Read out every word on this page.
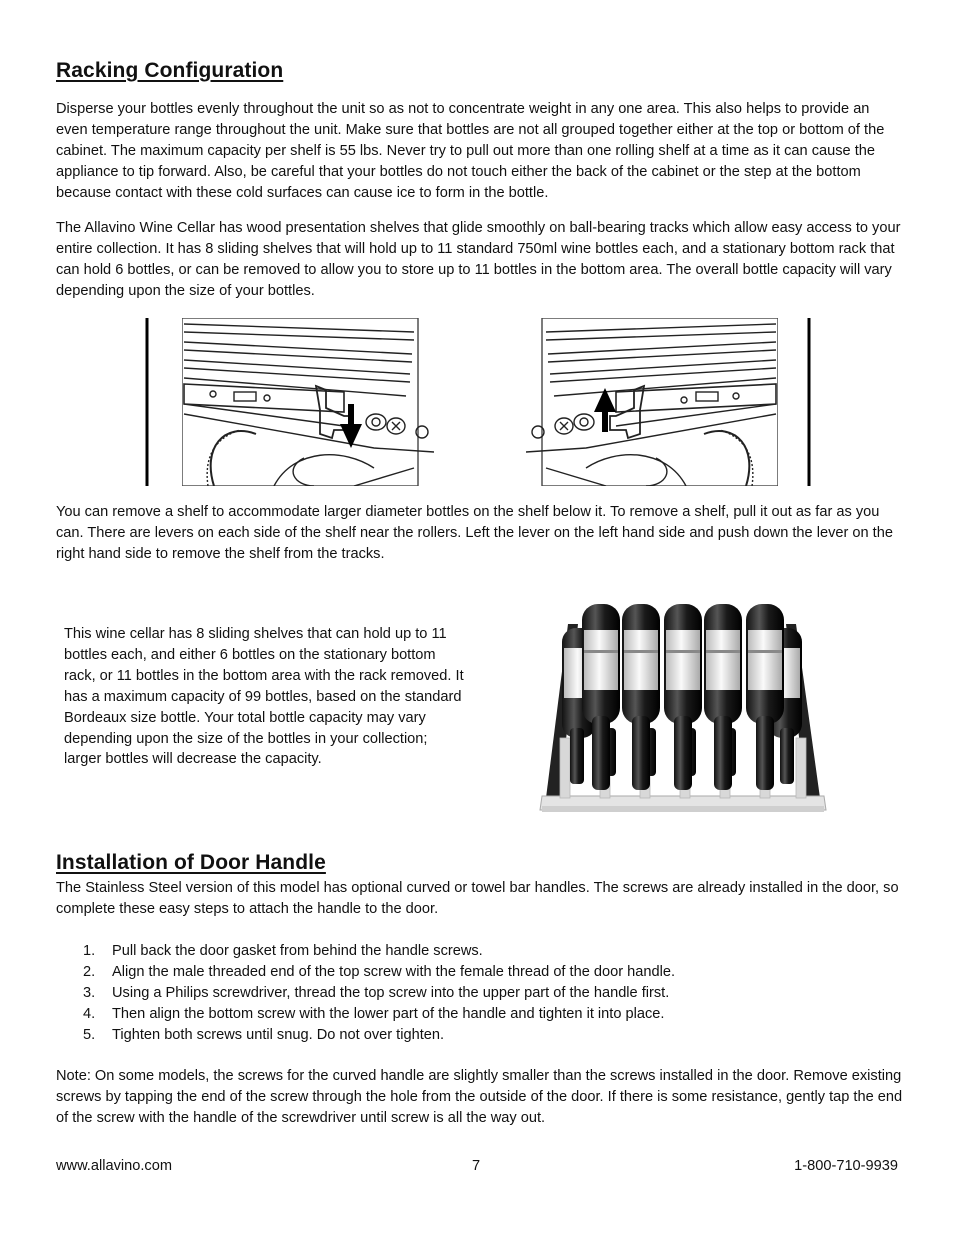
Racking Configuration

Disperse your bottles evenly throughout the unit so as not to concentrate weight in any one area. This also helps to provide an even temperature range throughout the unit. Make sure that bottles are not all grouped together either at the top or bottom of the cabinet. The maximum capacity per shelf is 55 lbs. Never try to pull out more than one rolling shelf at a time as it can cause the appliance to tip forward. Also, be careful that your bottles do not touch either the back of the cabinet or the step at the bottom because contact with these cold surfaces can cause ice to form in the bottle.

The Allavino Wine Cellar has wood presentation shelves that glide smoothly on ball-bearing tracks which allow easy access to your entire collection. It has 8 sliding shelves that will hold up to 11 standard 750ml wine bottles each, and a stationary bottom rack that can hold 6 bottles, or can be removed to allow you to store up to 11 bottles in the bottom area. The overall bottle capacity will vary depending upon the size of your bottles.

You can remove a shelf to accommodate larger diameter bottles on the shelf below it. To remove a shelf, pull it out as far as you can. There are levers on each side of the shelf near the rollers. Left the lever on the left hand side and push down the lever on the right hand side to remove the shelf from the tracks.

This wine cellar has 8 sliding shelves that can hold up to 11 bottles each, and either 6 bottles on the stationary bottom rack, or 11 bottles in the bottom area with the rack removed. It has a maximum capacity of 99 bottles, based on the standard Bordeaux size bottle. Your total bottle capacity may vary depending upon the size of the bottles in your collection; larger bottles will decrease the capacity.

Installation of Door Handle

The Stainless Steel version of this model has optional curved or towel bar handles. The screws are already installed in the door, so complete these easy steps to attach the handle to the door.

1.	Pull back the door gasket from behind the handle screws.
2.	Align the male threaded end of the top screw with the female thread of the door handle.
3.	Using a Philips screwdriver, thread the top screw into the upper part of the handle first.
4.	Then align the bottom screw with the lower part of the handle and tighten it into place.
5.	Tighten both screws until snug. Do not over tighten.

Note: On some models, the screws for the curved handle are slightly smaller than the screws installed in the door. Remove existing screws by tapping the end of the screw through the hole from the outside of the door. If there is some resistance, gently tap the end of the screw with the handle of the screwdriver until screw is all the way out.

www.allavino.com	7	1-800-710-9939
